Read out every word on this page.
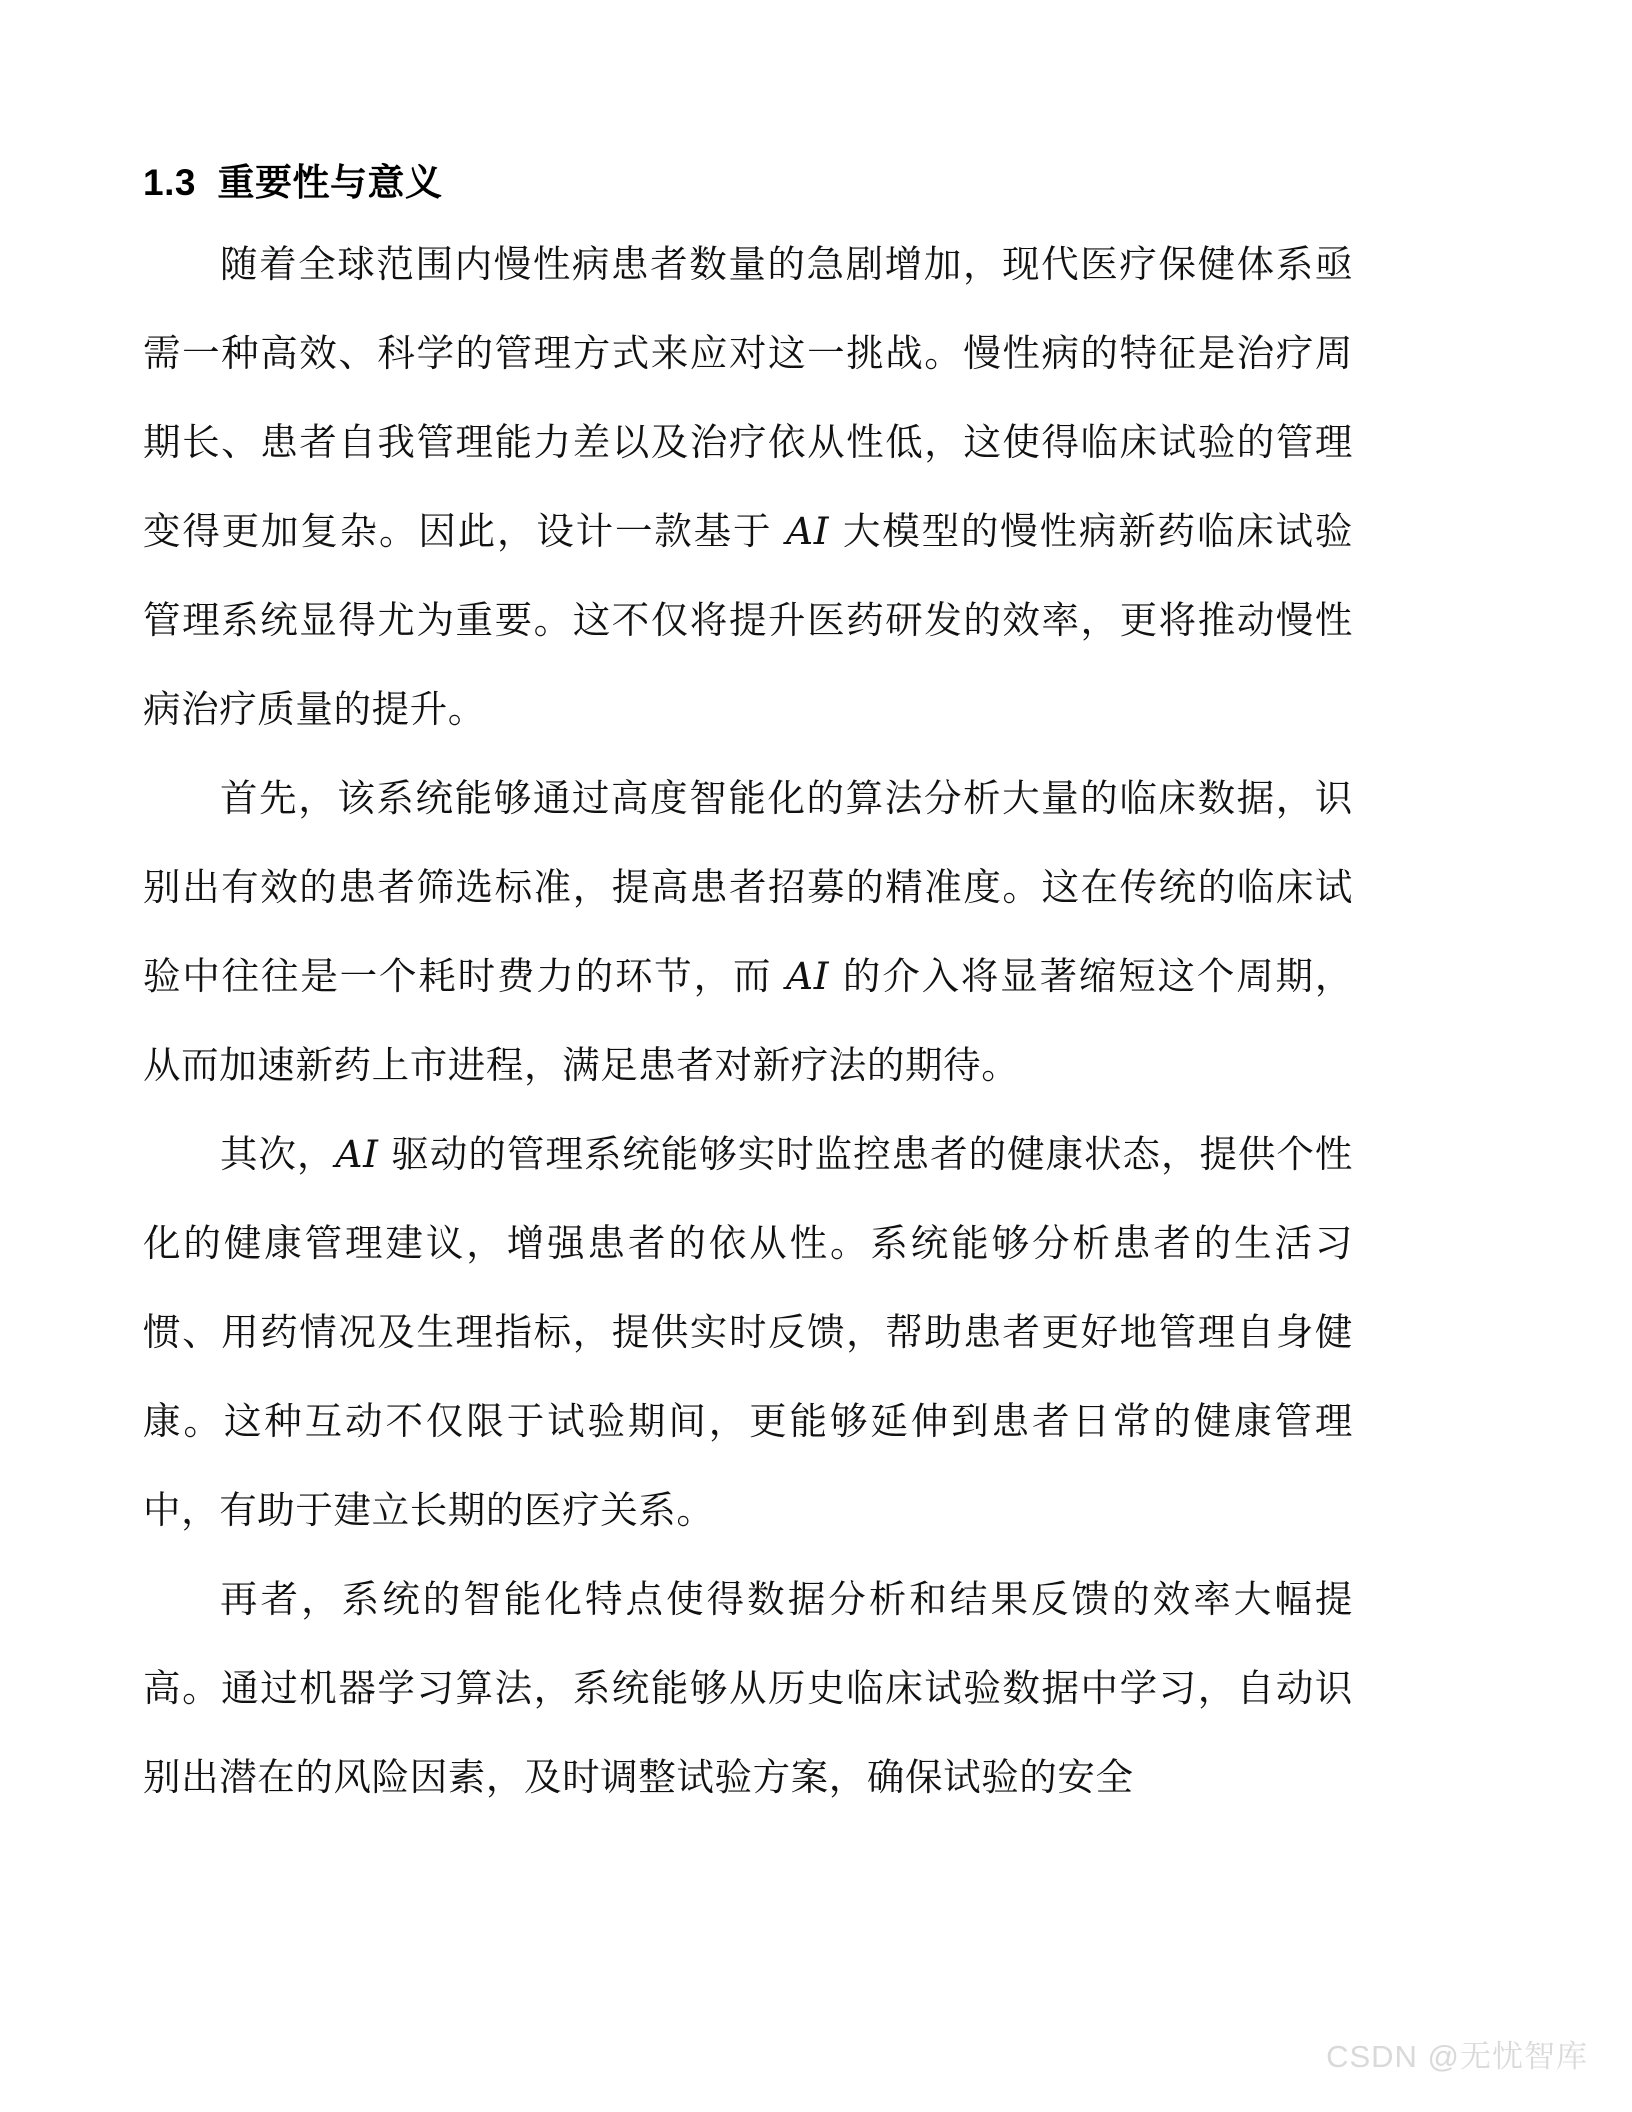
1.3  重要性与意义

随着全球范围内慢性病患者数量的急剧增加，现代医疗保健体系亟需一种高效、科学的管理方式来应对这一挑战。慢性病的特征是治疗周期长、患者自我管理能力差以及治疗依从性低，这使得临床试验的管理变得更加复杂。因此，设计一款基于 AI 大模型的慢性病新药临床试验管理系统显得尤为重要。这不仅将提升医药研发的效率，更将推动慢性病治疗质量的提升。

首先，该系统能够通过高度智能化的算法分析大量的临床数据，识别出有效的患者筛选标准，提高患者招募的精准度。这在传统的临床试验中往往是一个耗时费力的环节，而 AI 的介入将显著缩短这个周期，从而加速新药上市进程，满足患者对新疗法的期待。

其次，AI 驱动的管理系统能够实时监控患者的健康状态，提供个性化的健康管理建议，增强患者的依从性。系统能够分析患者的生活习惯、用药情况及生理指标，提供实时反馈，帮助患者更好地管理自身健康。这种互动不仅限于试验期间，更能够延伸到患者日常的健康管理中，有助于建立长期的医疗关系。

再者，系统的智能化特点使得数据分析和结果反馈的效率大幅提高。通过机器学习算法，系统能够从历史临床试验数据中学习，自动识别出潜在的风险因素，及时调整试验方案，确保试验的安全

CSDN @无忧智库
